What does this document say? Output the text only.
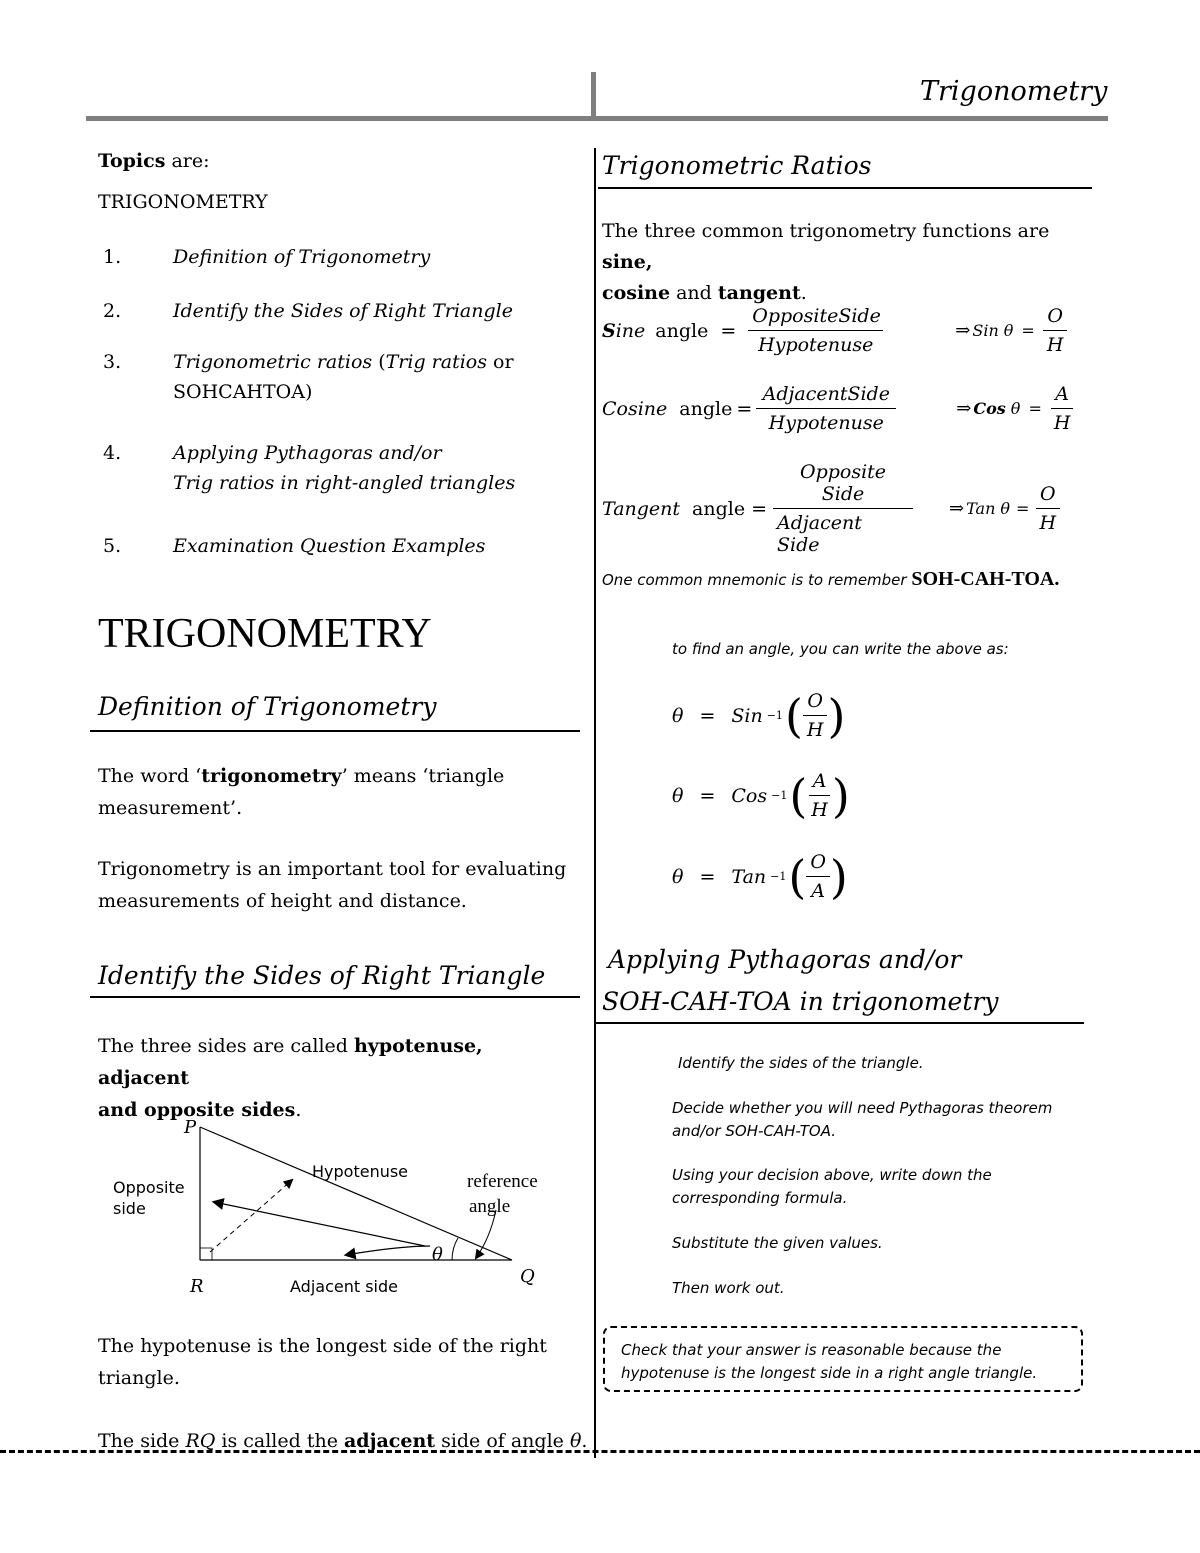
Trigonometry
Topics are:
TRIGONOMETRY
1.	Definition of Trigonometry
2.	Identify the Sides of Right Triangle
3.	Trigonometric ratios (Trig ratios or
SOHCAHTOA)
4.	Applying Pythagoras and/or
Trig ratios in right-angled triangles
5.	Examination Question Examples
TRIGONOMETRY
Definition of Trigonometry
The word ‘trigonometry’ means ‘triangle
measurement’.
Trigonometry is an important tool for evaluating
measurements of height and distance.
Identify the Sides of Right Triangle
The three sides are called hypotenuse, adjacent
and opposite sides.
P
R	Q
θ
Hypotenuse
Opposite
side
Adjacent side
reference
angle
The hypotenuse is the longest side of the right
triangle.
The side RQ is called the adjacent side of angle θ.
Trigonometric Ratios
The three common trigonometry functions are sine,
cosine and tangent.
Sine angle = $\frac{\text{OppositeSide}}{\text{Hypotenuse}}$	⇒ Sin $\theta = \frac{O}{H}$
Cosine angle = $\frac{\text{AdjacentSide}}{\text{Hypotenuse}}$	⇒ Cos $\theta = \frac{A}{H}$
Tangent angle = $\frac{\text{Opposite Side}}{\text{Adjacent Side}}$ ⇒ Tan $\theta = \frac{O}{H}$
One common mnemonic is to remember SOH-CAH-TOA.
to find an angle, you can write the above as:
θ = Sin −1 ( $\frac{O}{H}$ )
θ = Cos −1 ( $\frac{A}{H}$ )
θ = Tan −1 ( $\frac{O}{A}$ )
Applying Pythagoras and/or
SOH-CAH-TOA in trigonometry
Identify the sides of the triangle.
Decide whether you will need Pythagoras theorem and/or SOH-CAH-TOA.
Using your decision above, write down the corresponding formula.
Substitute the given values.
Then work out.
Check that your answer is reasonable because the hypotenuse is the longest side in a right angle triangle.
